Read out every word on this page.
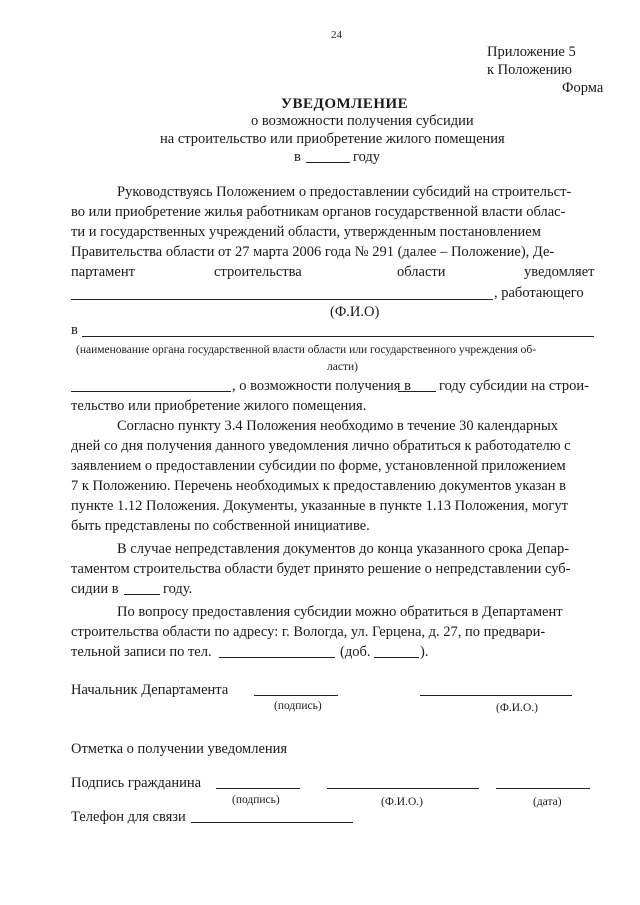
24
Приложение 5
к Положению
Форма
УВЕДОМЛЕНИЕ
о возможности получения субсидии
на строительство или приобретение жилого помещения
в	году
Руководствуясь Положением о предоставлении субсидий на строительст-
во или приобретение жилья работникам органов государственной власти облас-
ти и государственных учреждений области, утвержденным постановлением
Правительства области от 27 марта 2006 года № 291 (далее – Положение), Де-
партамент	строительства	области	уведомляет
, работающего
(Ф.И.О)
в
(наименование органа государственной власти области или государственного учреждения об-
ласти)
, о возможности получения в году субсидии на строи-
тельство или приобретение жилого помещения.
Согласно пункту 3.4 Положения необходимо в течение 30 календарных
дней со дня получения данного уведомления лично обратиться к работодателю с
заявлением о предоставлении субсидии по форме, установленной приложением
7 к Положению. Перечень необходимых к предоставлению документов указан в
пункте 1.12 Положения. Документы, указанные в пункте 1.13 Положения, могут
быть представлены по собственной инициативе.
В случае непредставления документов до конца указанного срока Депар-
таментом строительства области будет принято решение о непредставлении суб-
сидии в	году.
По вопросу предоставления субсидии можно обратиться в Департамент
строительства области по адресу: г. Вологда, ул. Герцена, д. 27, по предвари-
тельной записи по тел.	(доб.	).
Начальник Департамента
(подпись)	(Ф.И.О.)
Отметка о получении уведомления
Подпись гражданина
(подпись)	(Ф.И.О.)	(дата)
Телефон для связи
